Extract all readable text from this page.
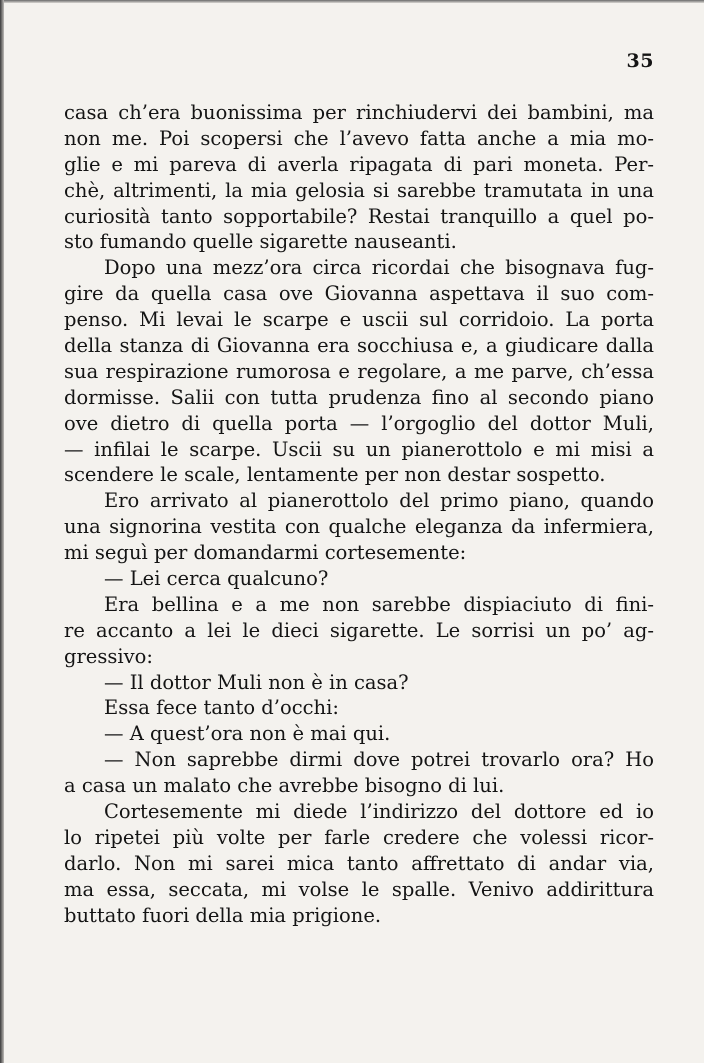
35
casa ch’era buonissima per rinchiudervi dei bambini, ma
non me. Poi scopersi che l’avevo fatta anche a mia mo-
glie e mi pareva di averla ripagata di pari moneta. Per-
chè, altrimenti, la mia gelosia si sarebbe tramutata in una
curiosità tanto sopportabile? Restai tranquillo a quel po-
sto fumando quelle sigarette nauseanti.
Dopo una mezz’ora circa ricordai che bisognava fug-
gire da quella casa ove Giovanna aspettava il suo com-
penso. Mi levai le scarpe e uscii sul corridoio. La porta
della stanza di Giovanna era socchiusa e, a giudicare dalla
sua respirazione rumorosa e regolare, a me parve, ch’essa
dormisse. Salii con tutta prudenza fino al secondo piano
ove dietro di quella porta — l’orgoglio del dottor Muli,
— infilai le scarpe. Uscii su un pianerottolo e mi misi a
scendere le scale, lentamente per non destar sospetto.
Ero arrivato al pianerottolo del primo piano, quando
una signorina vestita con qualche eleganza da infermiera,
mi seguì per domandarmi cortesemente:
— Lei cerca qualcuno?
Era bellina e a me non sarebbe dispiaciuto di fini-
re accanto a lei le dieci sigarette. Le sorrisi un po’ ag-
gressivo:
— Il dottor Muli non è in casa?
Essa fece tanto d’occhi:
— A quest’ora non è mai qui.
— Non saprebbe dirmi dove potrei trovarlo ora? Ho
a casa un malato che avrebbe bisogno di lui.
Cortesemente mi diede l’indirizzo del dottore ed io
lo ripetei più volte per farle credere che volessi ricor-
darlo. Non mi sarei mica tanto affrettato di andar via,
ma essa, seccata, mi volse le spalle. Venivo addirittura
buttato fuori della mia prigione.
